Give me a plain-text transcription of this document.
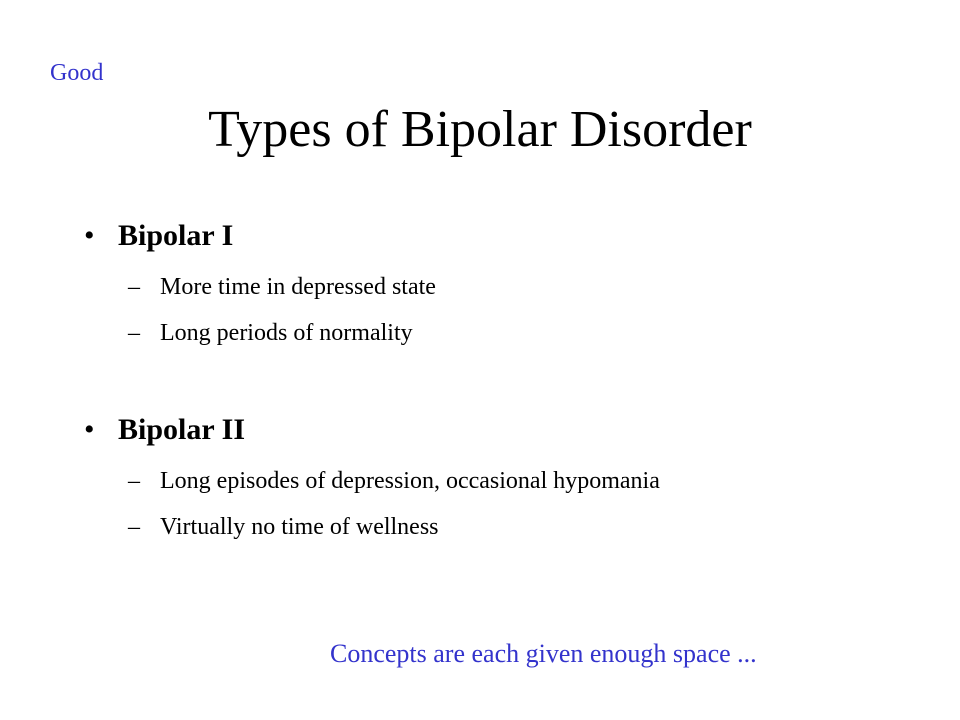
Good
Types of Bipolar Disorder
• Bipolar I
– More time in depressed state
– Long periods of normality
• Bipolar II
– Long episodes of depression, occasional hypomania
– Virtually no time of wellness
Concepts are each given enough space ...
